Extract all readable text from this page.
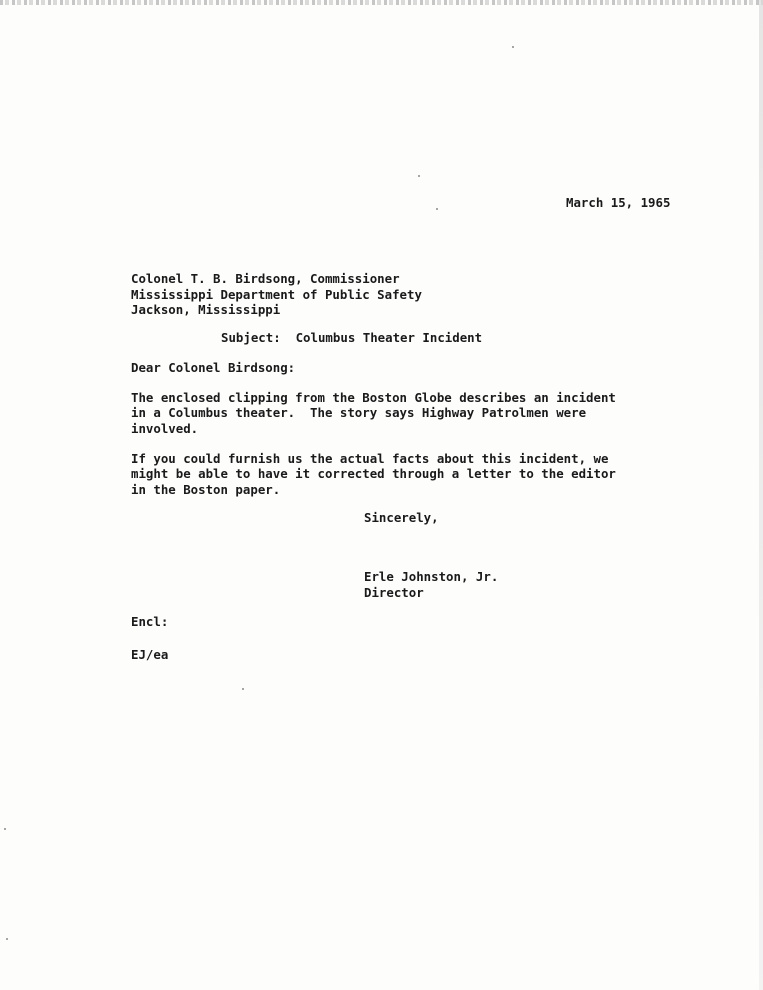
March 15, 1965

Colonel T. B. Birdsong, Commissioner

Mississippi Department of Public Safety

Jackson, Mississippi

Subject:  Columbus Theater Incident

Dear Colonel Birdsong:

The enclosed clipping from the Boston Globe describes an incident

in a Columbus theater.  The story says Highway Patrolmen were

involved.

If you could furnish us the actual facts about this incident, we

might be able to have it corrected through a letter to the editor

in the Boston paper.

Sincerely,

Erle Johnston, Jr.

Director

Encl:

EJ/ea
